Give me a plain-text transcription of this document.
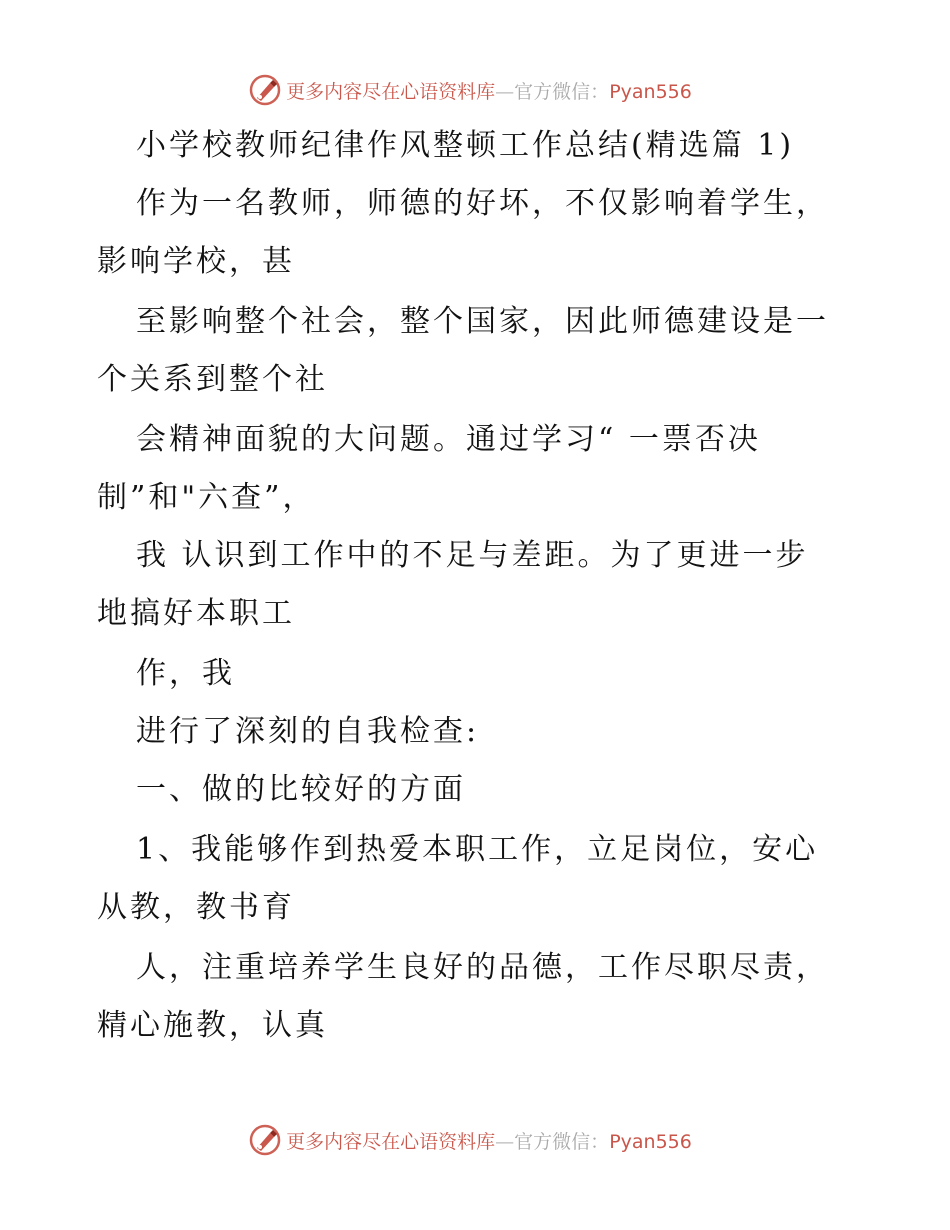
更多内容尽在心语资料库—官方微信：Pyan556
小学校教师纪律作风整顿工作总结(精选篇 1)
作为一名教师，师德的好坏，不仅影响着学生，
影响学校，甚
至影响整个社会，整个国家，因此师德建设是一
个关系到整个社
会精神面貌的大问题。通过学习“ 一票否决
制”和"六查”，
我 认识到工作中的不足与差距。为了更进一步
地搞好本职工
作，我
进行了深刻的自我检查:
一、做的比较好的方面
1、我能够作到热爱本职工作，立足岗位，安心
从教，教书育
人，注重培养学生良好的品德，工作尽职尽责，
精心施教，认真
更多内容尽在心语资料库—官方微信：Pyan556
